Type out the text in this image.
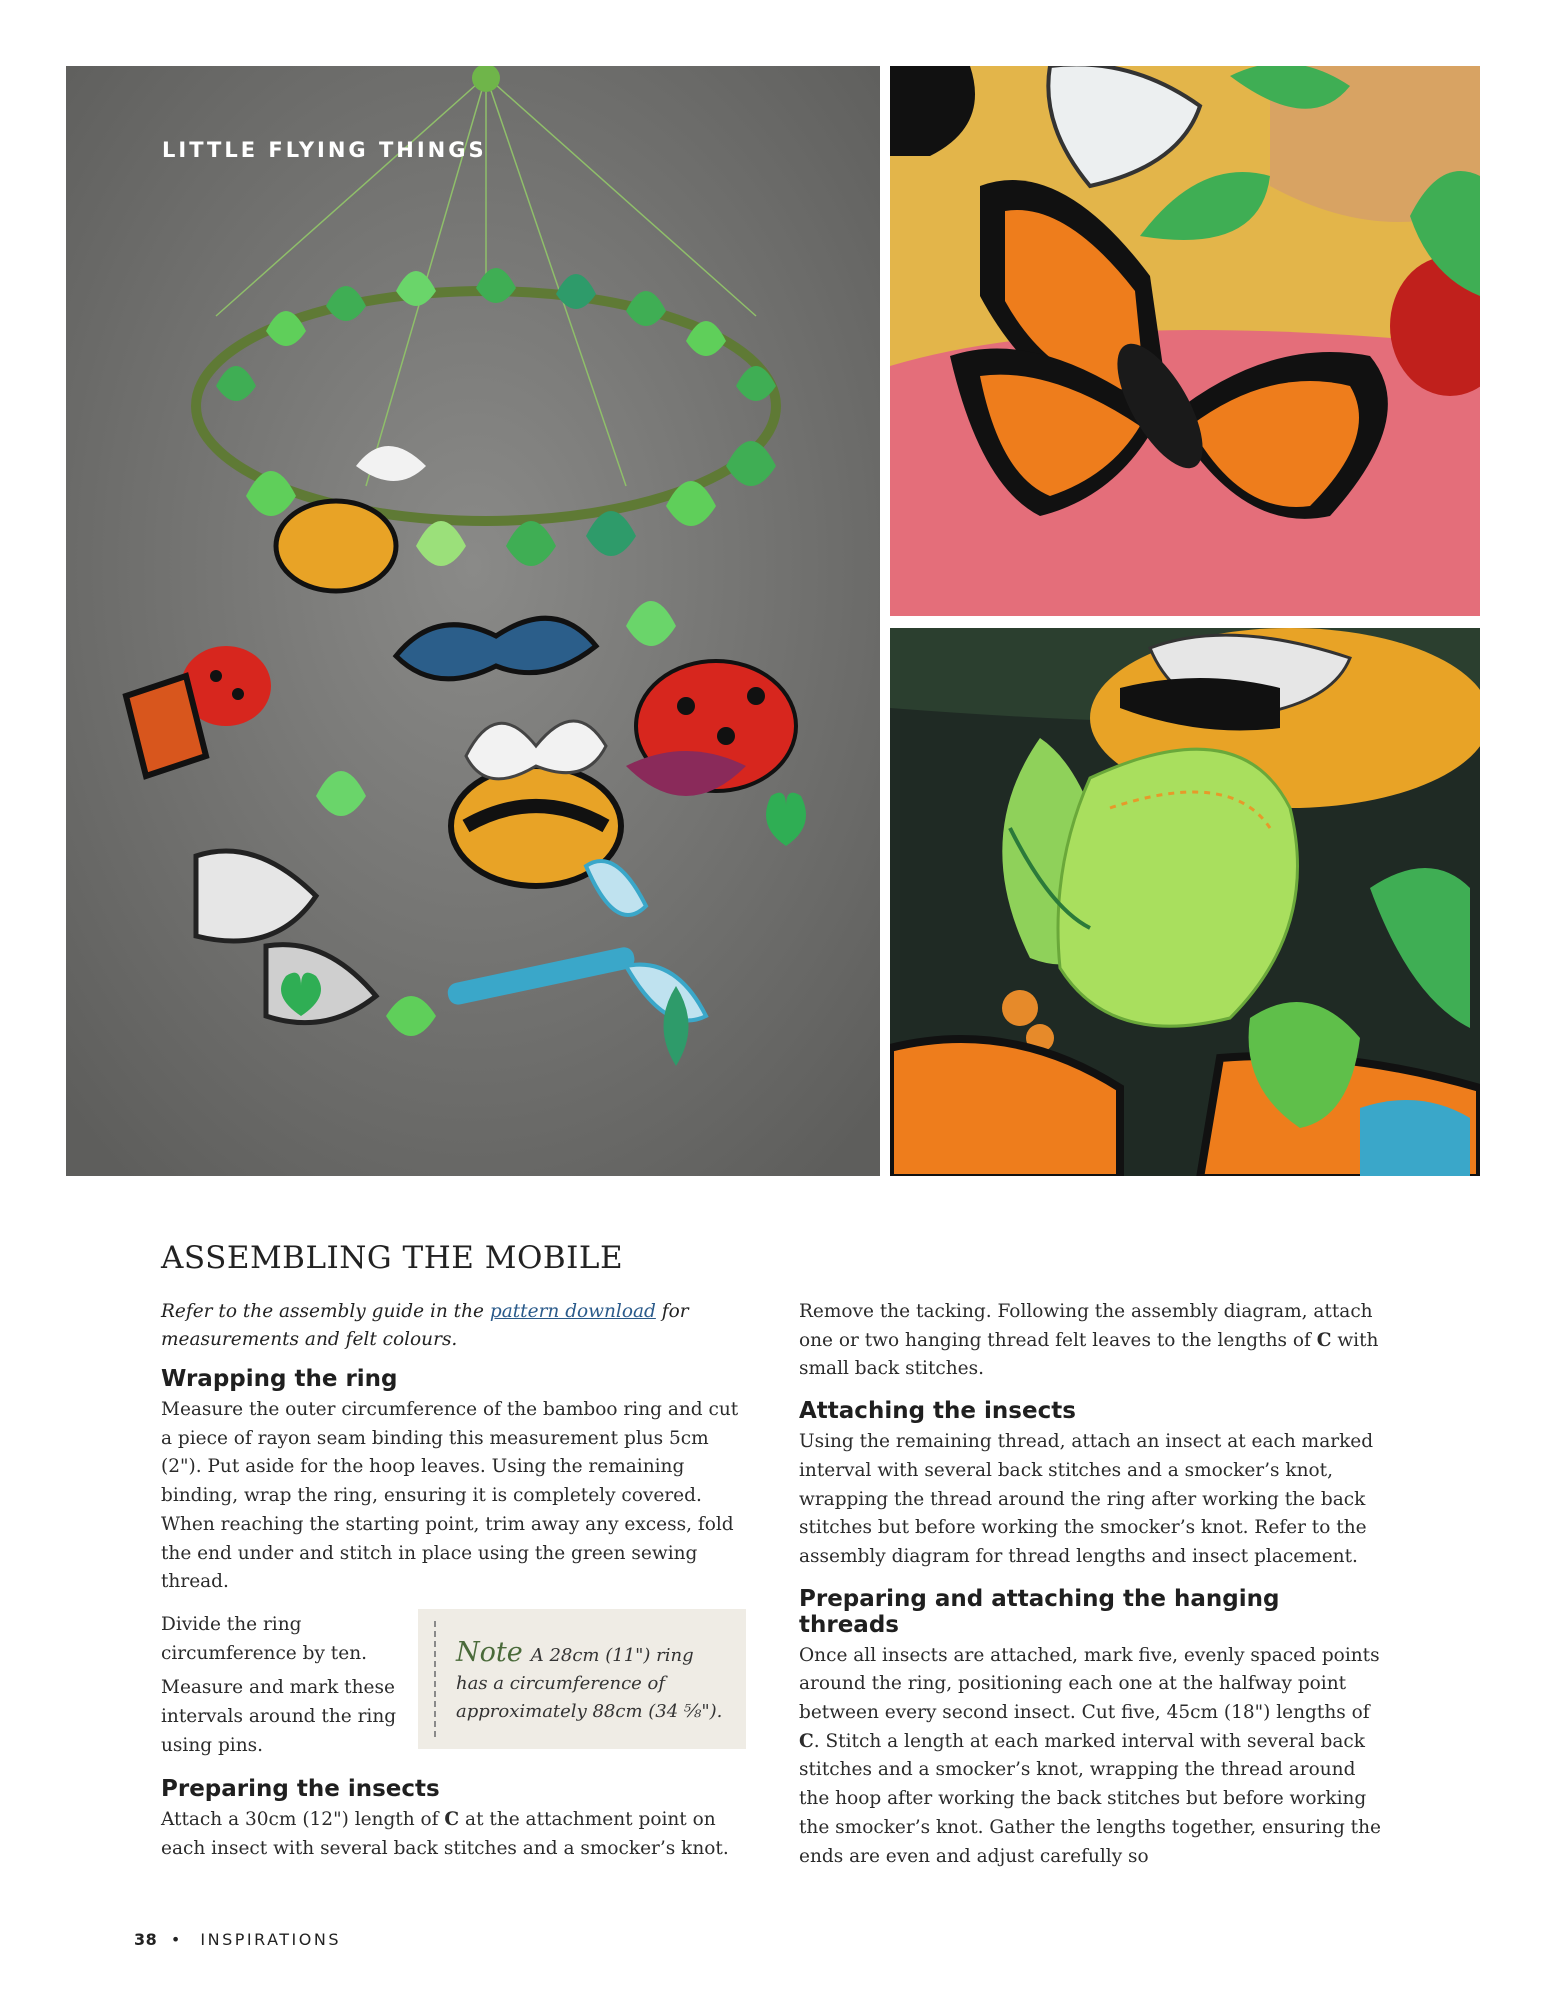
LITTLE FLYING THINGS
ASSEMBLING THE MOBILE

Refer to the assembly guide in the pattern download for measurements and felt colours.

Wrapping the ring

Measure the outer circumference of the bamboo ring and cut a piece of rayon seam binding this measurement plus 5cm (2"). Put aside for the hoop leaves. Using the remaining binding, wrap the ring, ensuring it is completely covered. When reaching the starting point, trim away any excess, fold the end under and stitch in place using the green sewing thread.

Divide the ring circumference by ten.

Measure and mark these intervals around the ring using pins.

Note A 28cm (11") ring has a circumference of approximately 88cm (34 ⅝").

Preparing the insects

Attach a 30cm (12") length of C at the attachment point on each insect with several back stitches and a smocker’s knot.

Remove the tacking. Following the assembly diagram, attach one or two hanging thread felt leaves to the lengths of C with small back stitches.

Attaching the insects

Using the remaining thread, attach an insect at each marked interval with several back stitches and a smocker’s knot, wrapping the thread around the ring after working the back stitches but before working the smocker’s knot. Refer to the assembly diagram for thread lengths and insect placement.

Preparing and attaching the hanging threads

Once all insects are attached, mark five, evenly spaced points around the ring, positioning each one at the halfway point between every second insect. Cut five, 45cm (18") lengths of C. Stitch a length at each marked interval with several back stitches and a smocker’s knot, wrapping the thread around the hoop after working the back stitches but before working the smocker’s knot. Gather the lengths together, ensuring the ends are even and adjust carefully so

38 • INSPIRATIONS
